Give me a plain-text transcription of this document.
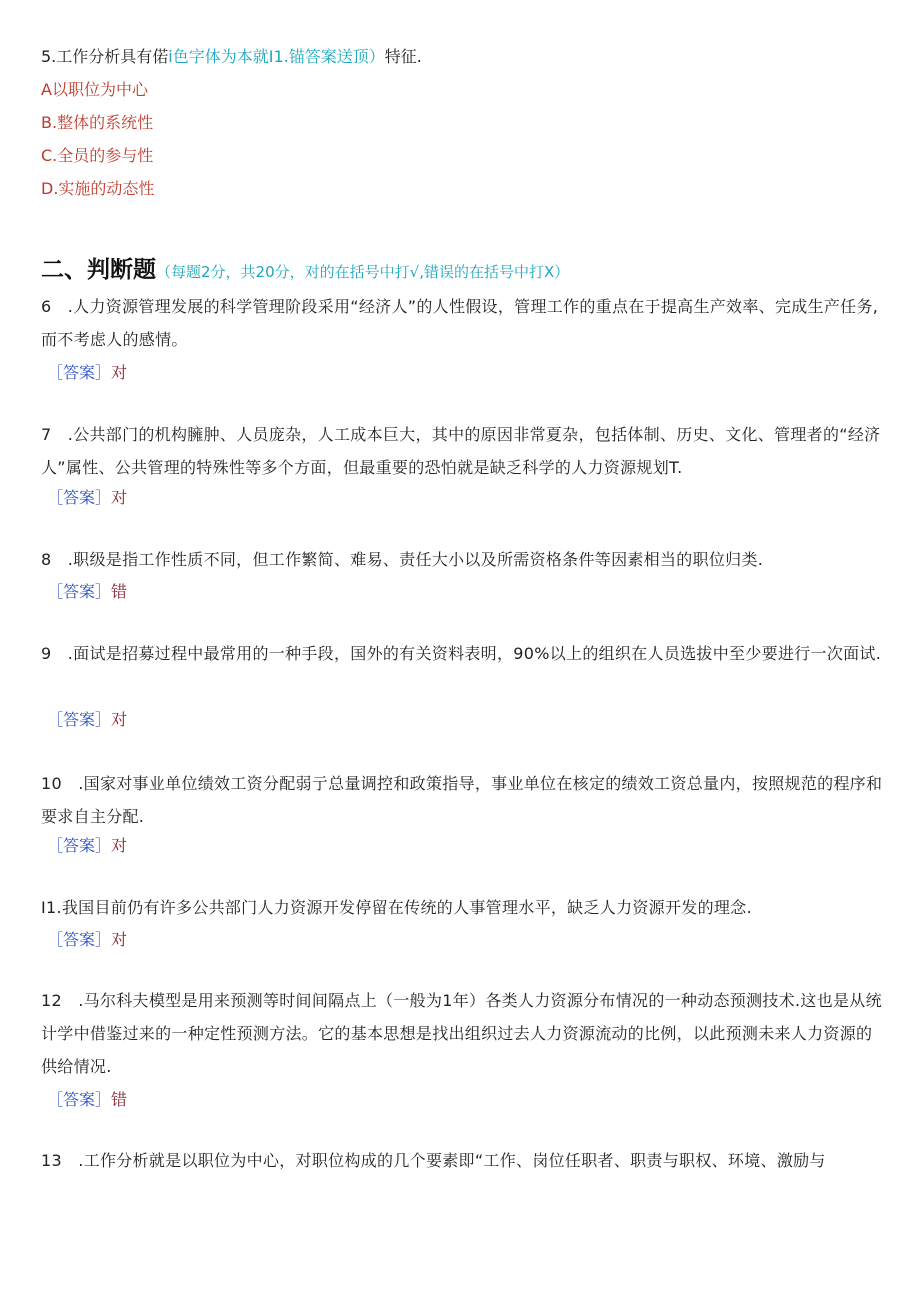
5.工作分析具有偌i色字体为本就I1.锚答案送顶）特征.
A以职位为中心
B.整体的系统性
C.全员的参与性
D.实施的动态性
二、判断题（每题2分，共20分，对的在括号中打√,错误的在括号中打X）
6　.人力资源管理发展的科学管理阶段采用“经济人”的人性假设，管理工作的重点在于提高生产效率、完成生产任务,而不考虑人的感情。
［答案］对
7　.公共部门的机构臃肿、人员庞杂，人工成本巨大，其中的原因非常夏杂，包括体制、历史、文化、管理者的“经济人”属性、公共管理的特殊性等多个方面，但最重要的恐怕就是缺乏科学的人力资源规划T.
［答案］对
8　.职级是指工作性质不同，但工作繁简、难易、责任大小以及所需资格条件等因素相当的职位归类.
［答案］错
9　.面试是招募过程中最常用的一种手段，国外的有关资料表明，90%以上的组织在人员选拔中至少要进行一次面试.
［答案］对
10　.国家对事业单位绩效工资分配弱亍总量调控和政策指导，事业单位在核定的绩效工资总量内，按照规范的程序和要求自主分配.
［答案］对
I1.我国目前仍有许多公共部门人力资源开发停留在传统的人事管理水平，缺乏人力资源开发的理念.
［答案］对
12　.马尔科夫模型是用来预测等时间间隔点上（一般为1年）各类人力资源分布情况的一种动态预测技术.这也是从统计学中借鉴过来的一种定性预测方法。它的基本思想是找出组织过去人力资源流动的比例，以此预测未来人力资源的供给情况.
［答案］错
13　.工作分析就是以职位为中心，对职位构成的几个要素即“工作、岗位任职者、职责与职权、环境、激励与
